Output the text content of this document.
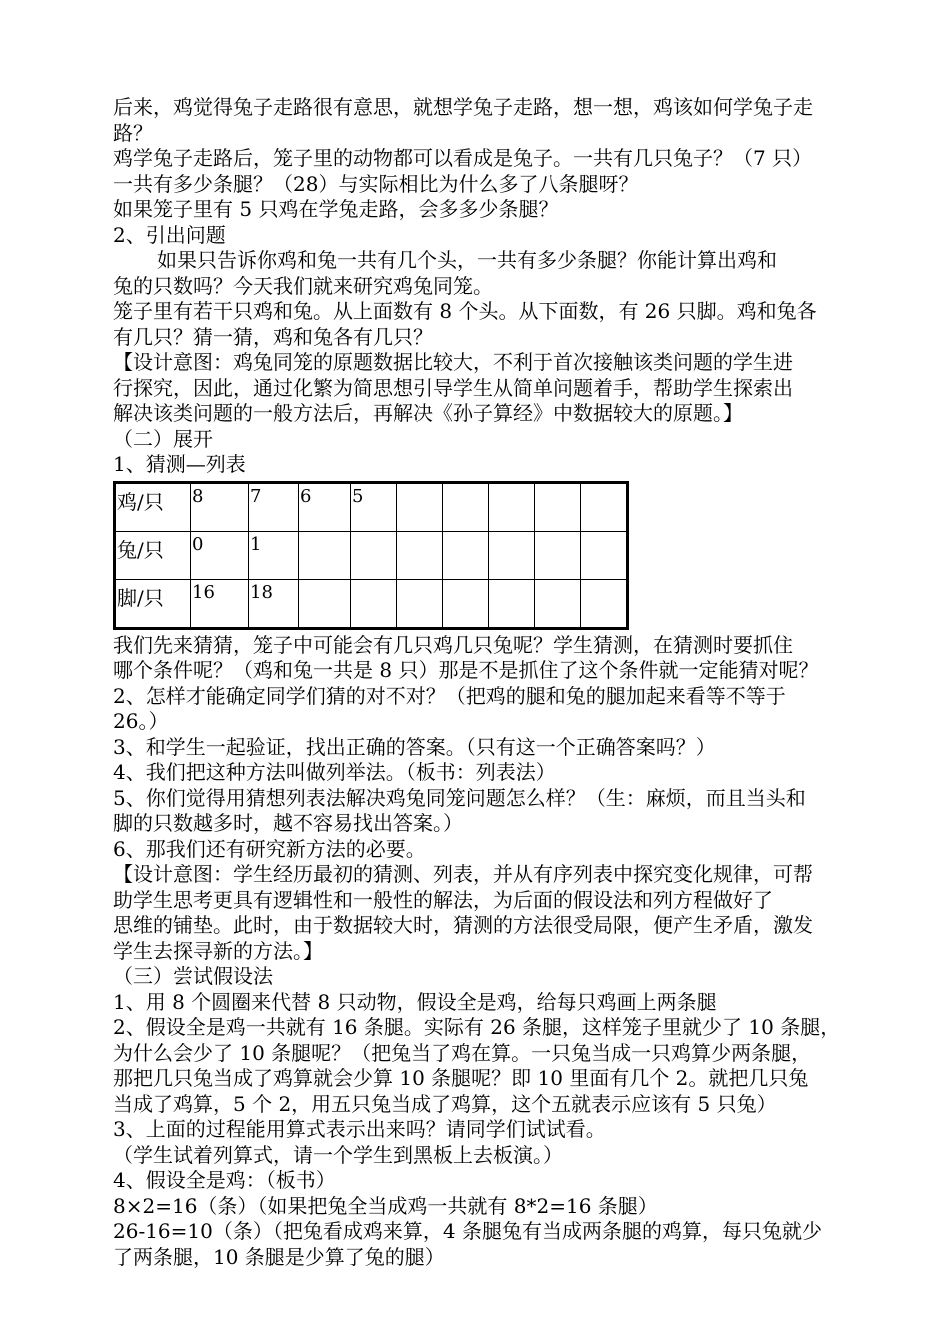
后来，鸡觉得兔子走路很有意思，就想学兔子走路，想一想，鸡该如何学兔子走
路？
鸡学兔子走路后，笼子里的动物都可以看成是兔子。一共有几只兔子？（7 只）
一共有多少条腿？（28）与实际相比为什么多了八条腿呀？
如果笼子里有 5 只鸡在学兔走路，会多多少条腿？
2、引出问题
如果只告诉你鸡和兔一共有几个头，一共有多少条腿？你能计算出鸡和
兔的只数吗？今天我们就来研究鸡兔同笼。
笼子里有若干只鸡和兔。从上面数有 8 个头。从下面数，有 26 只脚。鸡和兔各
有几只？猜一猜，鸡和兔各有几只？
【设计意图：鸡兔同笼的原题数据比较大，不利于首次接触该类问题的学生进
行探究，因此，通过化繁为简思想引导学生从简单问题着手，帮助学生探索出
解决该类问题的一般方法后，再解决《孙子算经》中数据较大的原题。】
（二）展开
1、猜测—列表
鸡/只	8	7	6	5					
兔/只	0	1							
脚/只	16	18							
我们先来猜猜，笼子中可能会有几只鸡几只兔呢？学生猜测，在猜测时要抓住
哪个条件呢？（鸡和兔一共是 8 只）那是不是抓住了这个条件就一定能猜对呢？
2、怎样才能确定同学们猜的对不对？（把鸡的腿和兔的腿加起来看等不等于
26。）
3、和学生一起验证，找出正确的答案。（只有这一个正确答案吗？）
4、我们把这种方法叫做列举法。（板书：列表法）
5、你们觉得用猜想列表法解决鸡兔同笼问题怎么样？（生：麻烦，而且当头和
脚的只数越多时，越不容易找出答案。）
6、那我们还有研究新方法的必要。
【设计意图：学生经历最初的猜测、列表，并从有序列表中探究变化规律，可帮
助学生思考更具有逻辑性和一般性的解法，为后面的假设法和列方程做好了
思维的铺垫。此时，由于数据较大时，猜测的方法很受局限，便产生矛盾，激发
学生去探寻新的方法。】
（三）尝试假设法
1、用 8 个圆圈来代替 8 只动物，假设全是鸡，给每只鸡画上两条腿
2、假设全是鸡一共就有 16 条腿。实际有 26 条腿，这样笼子里就少了 10 条腿，
为什么会少了 10 条腿呢？（把兔当了鸡在算。一只兔当成一只鸡算少两条腿，
那把几只兔当成了鸡算就会少算 10 条腿呢？即 10 里面有几个 2。就把几只兔
当成了鸡算，5 个 2，用五只兔当成了鸡算，这个五就表示应该有 5 只兔）
3、上面的过程能用算式表示出来吗？请同学们试试看。
（学生试着列算式，请一个学生到黑板上去板演。）
4、假设全是鸡：（板书）
8×2=16（条）（如果把兔全当成鸡一共就有 8*2=16 条腿）
26-16=10（条）（把兔看成鸡来算，4 条腿兔有当成两条腿的鸡算，每只兔就少
了两条腿，10 条腿是少算了兔的腿）
